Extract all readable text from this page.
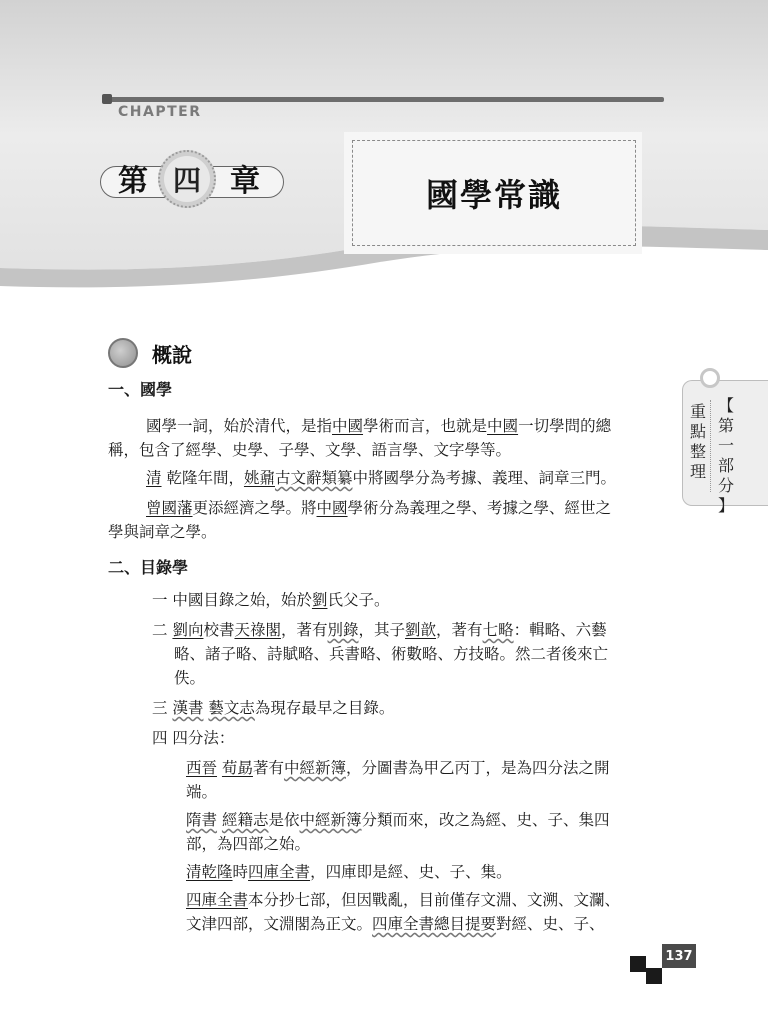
CHAPTER
第 四 章	國學常識
【
第
一
部
分
】
重
點
整
理
概說
一、國學
國學一詞，始於清代，是指中國學術而言，也就是中國一切學問的總
稱，包含了經學、史學、子學、文學、語言學、文字學等。
清 乾隆年間，姚鼐古文辭類纂中將國學分為考據、義理、詞章三門。
曾國藩更添經濟之學。將中國學術分為義理之學、考據之學、經世之
學與詞章之學。
二、目錄學
一 中國目錄之始，始於劉氏父子。
二 劉向校書天祿閣，著有別錄，其子劉歆，著有七略：輯略、六藝
略、諸子略、詩賦略、兵書略、術數略、方技略。然二者後來亡
佚。
三 漢書 藝文志為現存最早之目錄。
四 四分法：
西晉 荀勗著有中經新簿，分圖書為甲乙丙丁，是為四分法之開
端。
隋書 經籍志是依中經新簿分類而來，改之為經、史、子、集四
部，為四部之始。
清乾隆時四庫全書，四庫即是經、史、子、集。
四庫全書本分抄七部，但因戰亂，目前僅存文淵、文溯、文瀾、
文津四部，文淵閣為正文。四庫全書總目提要對經、史、子、
137
